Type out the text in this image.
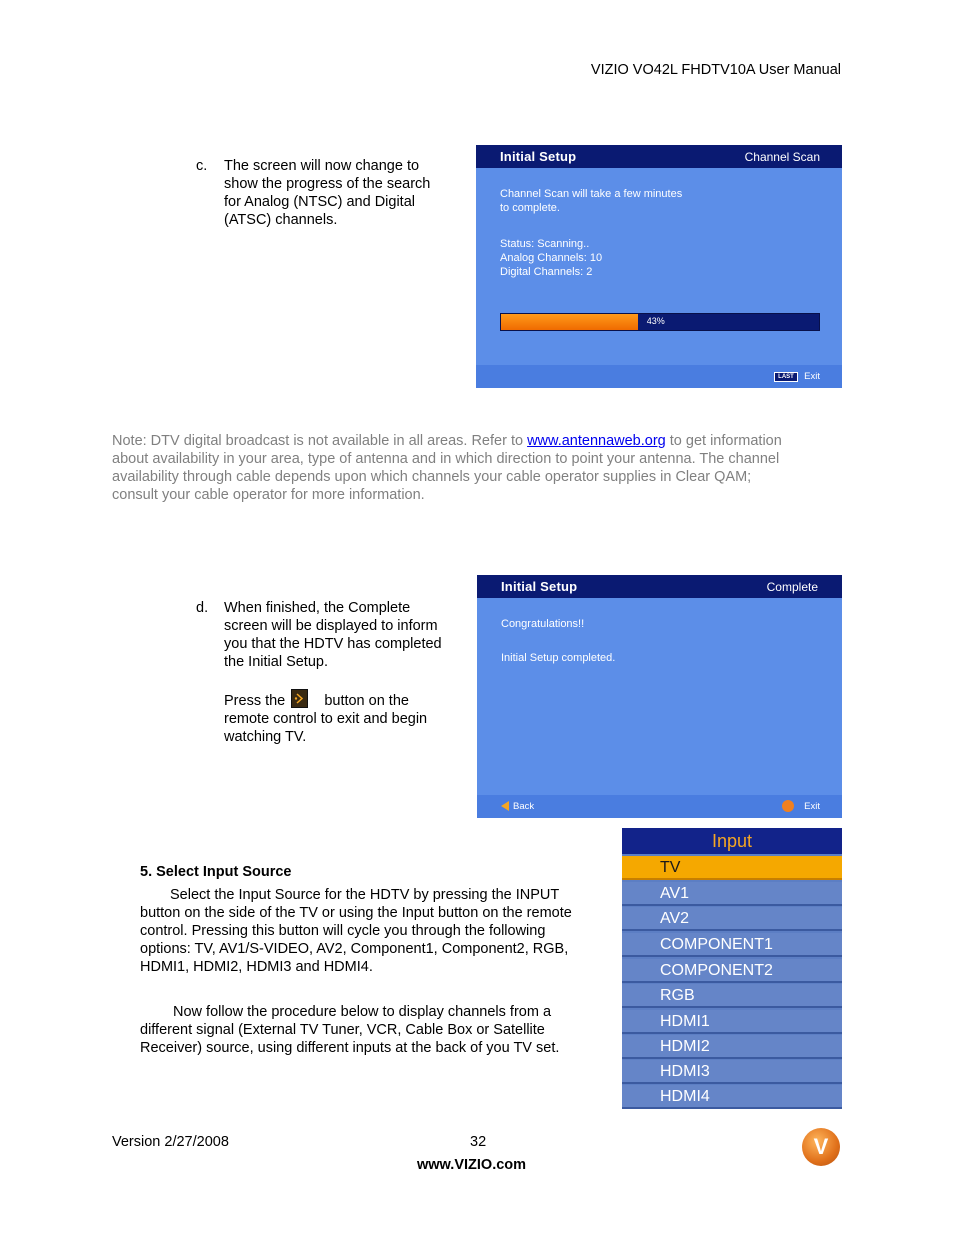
VIZIO VO42L FHDTV10A User Manual
c. The screen will now change to
show the progress of the search
for Analog (NTSC) and Digital
(ATSC) channels.
Initial Setup	Channel Scan
Channel Scan will take a few minutes
to complete.
Status: Scanning..
Analog Channels: 10
Digital Channels: 2
43%
LAST	Exit
Note: DTV digital broadcast is not available in all areas. Refer to www.antennaweb.org to get information
about availability in your area, type of antenna and in which direction to point your antenna. The channel
availability through cable depends upon which channels your cable operator supplies in Clear QAM;
consult your cable operator for more information.
d. When finished, the Complete
screen will be displayed to inform
you that the HDTV has completed
the Initial Setup.
Press the	button on the
remote control to exit and begin
watching TV.
Initial Setup	Complete
Congratulations!!
Initial Setup completed.
Back	Exit
5. Select Input Source
Select the Input Source for the HDTV by pressing the INPUT
button on the side of the TV or using the Input button on the remote
control. Pressing this button will cycle you through the following
options: TV, AV1/S-VIDEO, AV2, Component1, Component2, RGB,
HDMI1, HDMI2, HDMI3 and HDMI4.
Now follow the procedure below to display channels from a
different signal (External TV Tuner, VCR, Cable Box or Satellite
Receiver) source, using different inputs at the back of you TV set.
Input
TV
AV1
AV2
COMPONENT1
COMPONENT2
RGB
HDMI1
HDMI2
HDMI3
HDMI4
Version 2/27/2008	32
www.VIZIO.com
V
